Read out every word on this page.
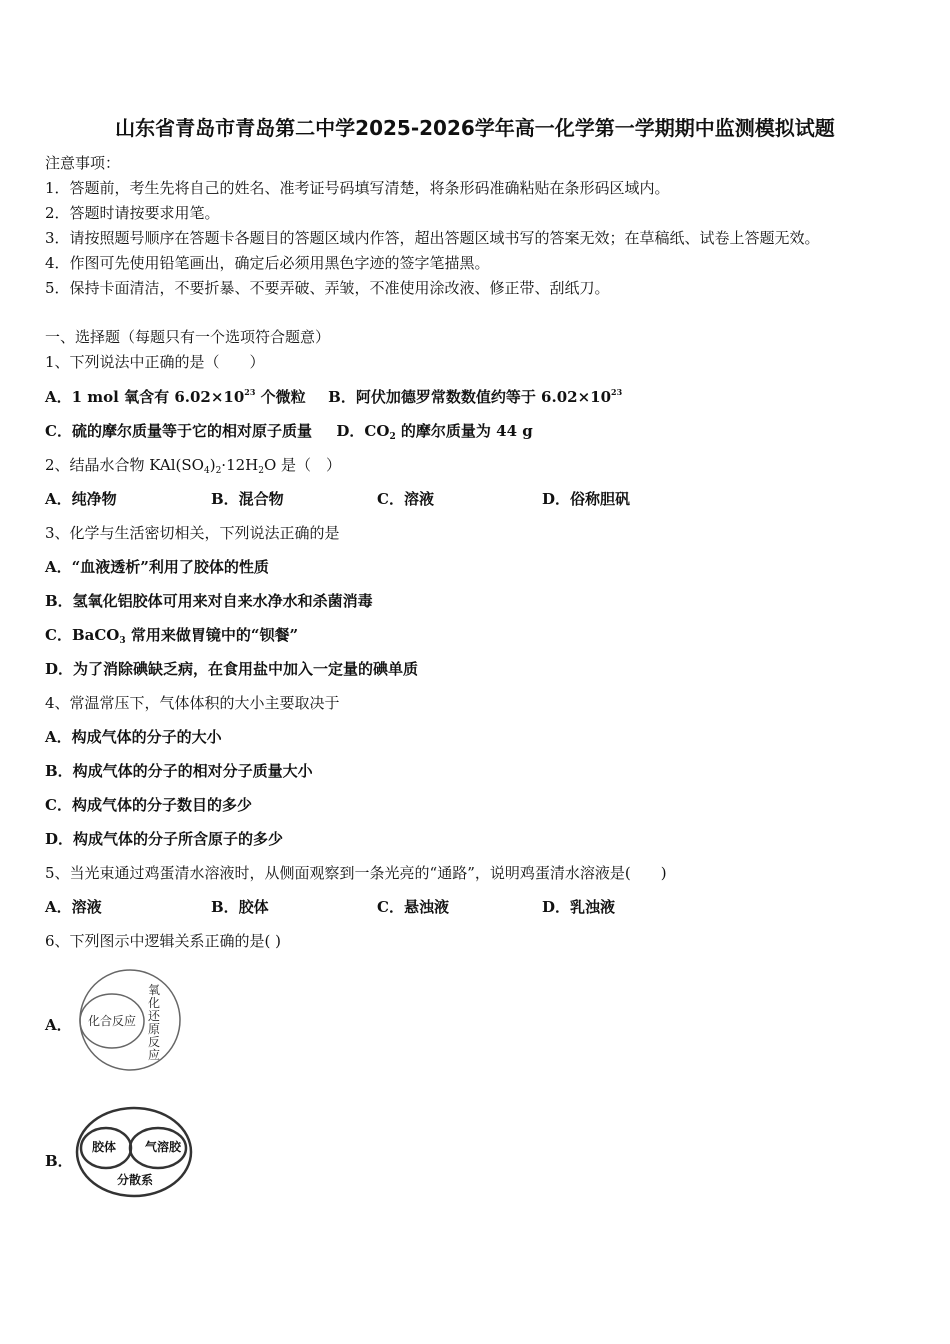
山东省青岛市青岛第二中学2025-2026学年高一化学第一学期期中监测模拟试题
注意事项：
1．答题前，考生先将自己的姓名、准考证号码填写清楚，将条形码准确粘贴在条形码区域内。
2．答题时请按要求用笔。
3．请按照题号顺序在答题卡各题目的答题区域内作答，超出答题区域书写的答案无效；在草稿纸、试卷上答题无效。
4．作图可先使用铅笔画出，确定后必须用黑色字迹的签字笔描黑。
5．保持卡面清洁，不要折暴、不要弄破、弄皱，不准使用涂改液、修正带、刮纸刀。
一、选择题（每题只有一个选项符合题意）
1、下列说法中正确的是（　　）
A．1 mol 氧含有 $6.02\times 10^{23}$ 个微粒 B．阿伏加德罗常数数值约等于 $6.02\times 10^{23}$
C．硫的摩尔质量等于它的相对原子质量 D．$CO_2$ 的摩尔质量为 44 g
2、结晶水合物 $KAl(SO_4)_2\cdot 12H_2O$ 是（　）
A．纯净物	B．混合物	C．溶液	D．俗称胆矾
3、化学与生活密切相关，下列说法正确的是
A．“血液透析”利用了胶体的性质
B．氢氧化铝胶体可用来对自来水净水和杀菌消毒
C．BaCO$_3$ 常用来做胃镜中的“钡餐”
D．为了消除碘缺乏病，在食用盐中加入一定量的碘单质
4、常温常压下，气体体积的大小主要取决于
A．构成气体的分子的大小
B．构成气体的分子的相对分子质量大小
C．构成气体的分子数目的多少
D．构成气体的分子所含原子的多少
5、当光束通过鸡蛋清水溶液时，从侧面观察到一条光亮的“通路”，说明鸡蛋清水溶液是(　　)
A．溶液	B．胶体	C．悬浊液	D．乳浊液
6、下列图示中逻辑关系正确的是( )
A． 化合反应
氧
化
还
原
反
应
B．
胶体 气溶胶
分散系
